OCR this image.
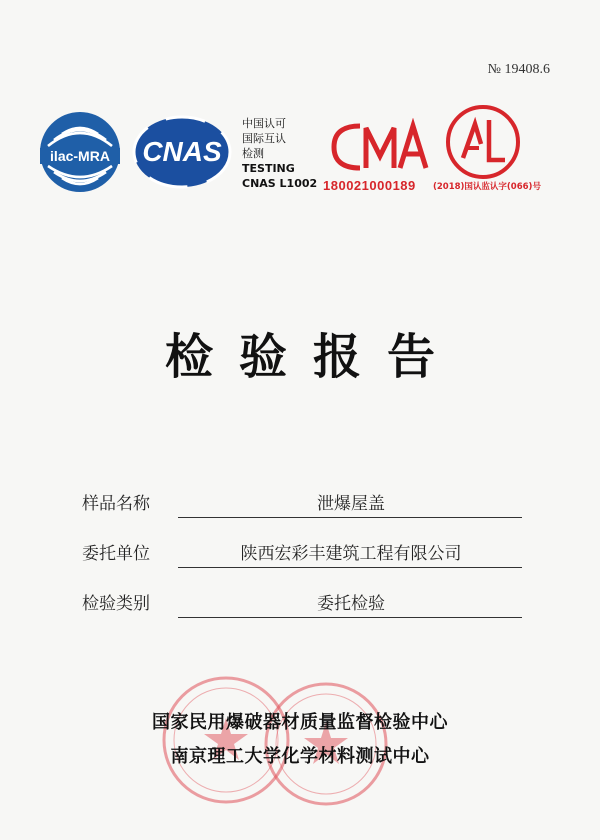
№ 19408.6
ilac-MRA CNAS
中国认可
国际互认
检测
TESTING
CNAS L1002 180021000189 (2018)国认监认字(066)号
检验报告
样品名称	泄爆屋盖
委托单位	陕西宏彩丰建筑工程有限公司
检验类别	委托检验
国家民用爆破器材质量监督检验中心
南京理工大学化学材料测试中心
